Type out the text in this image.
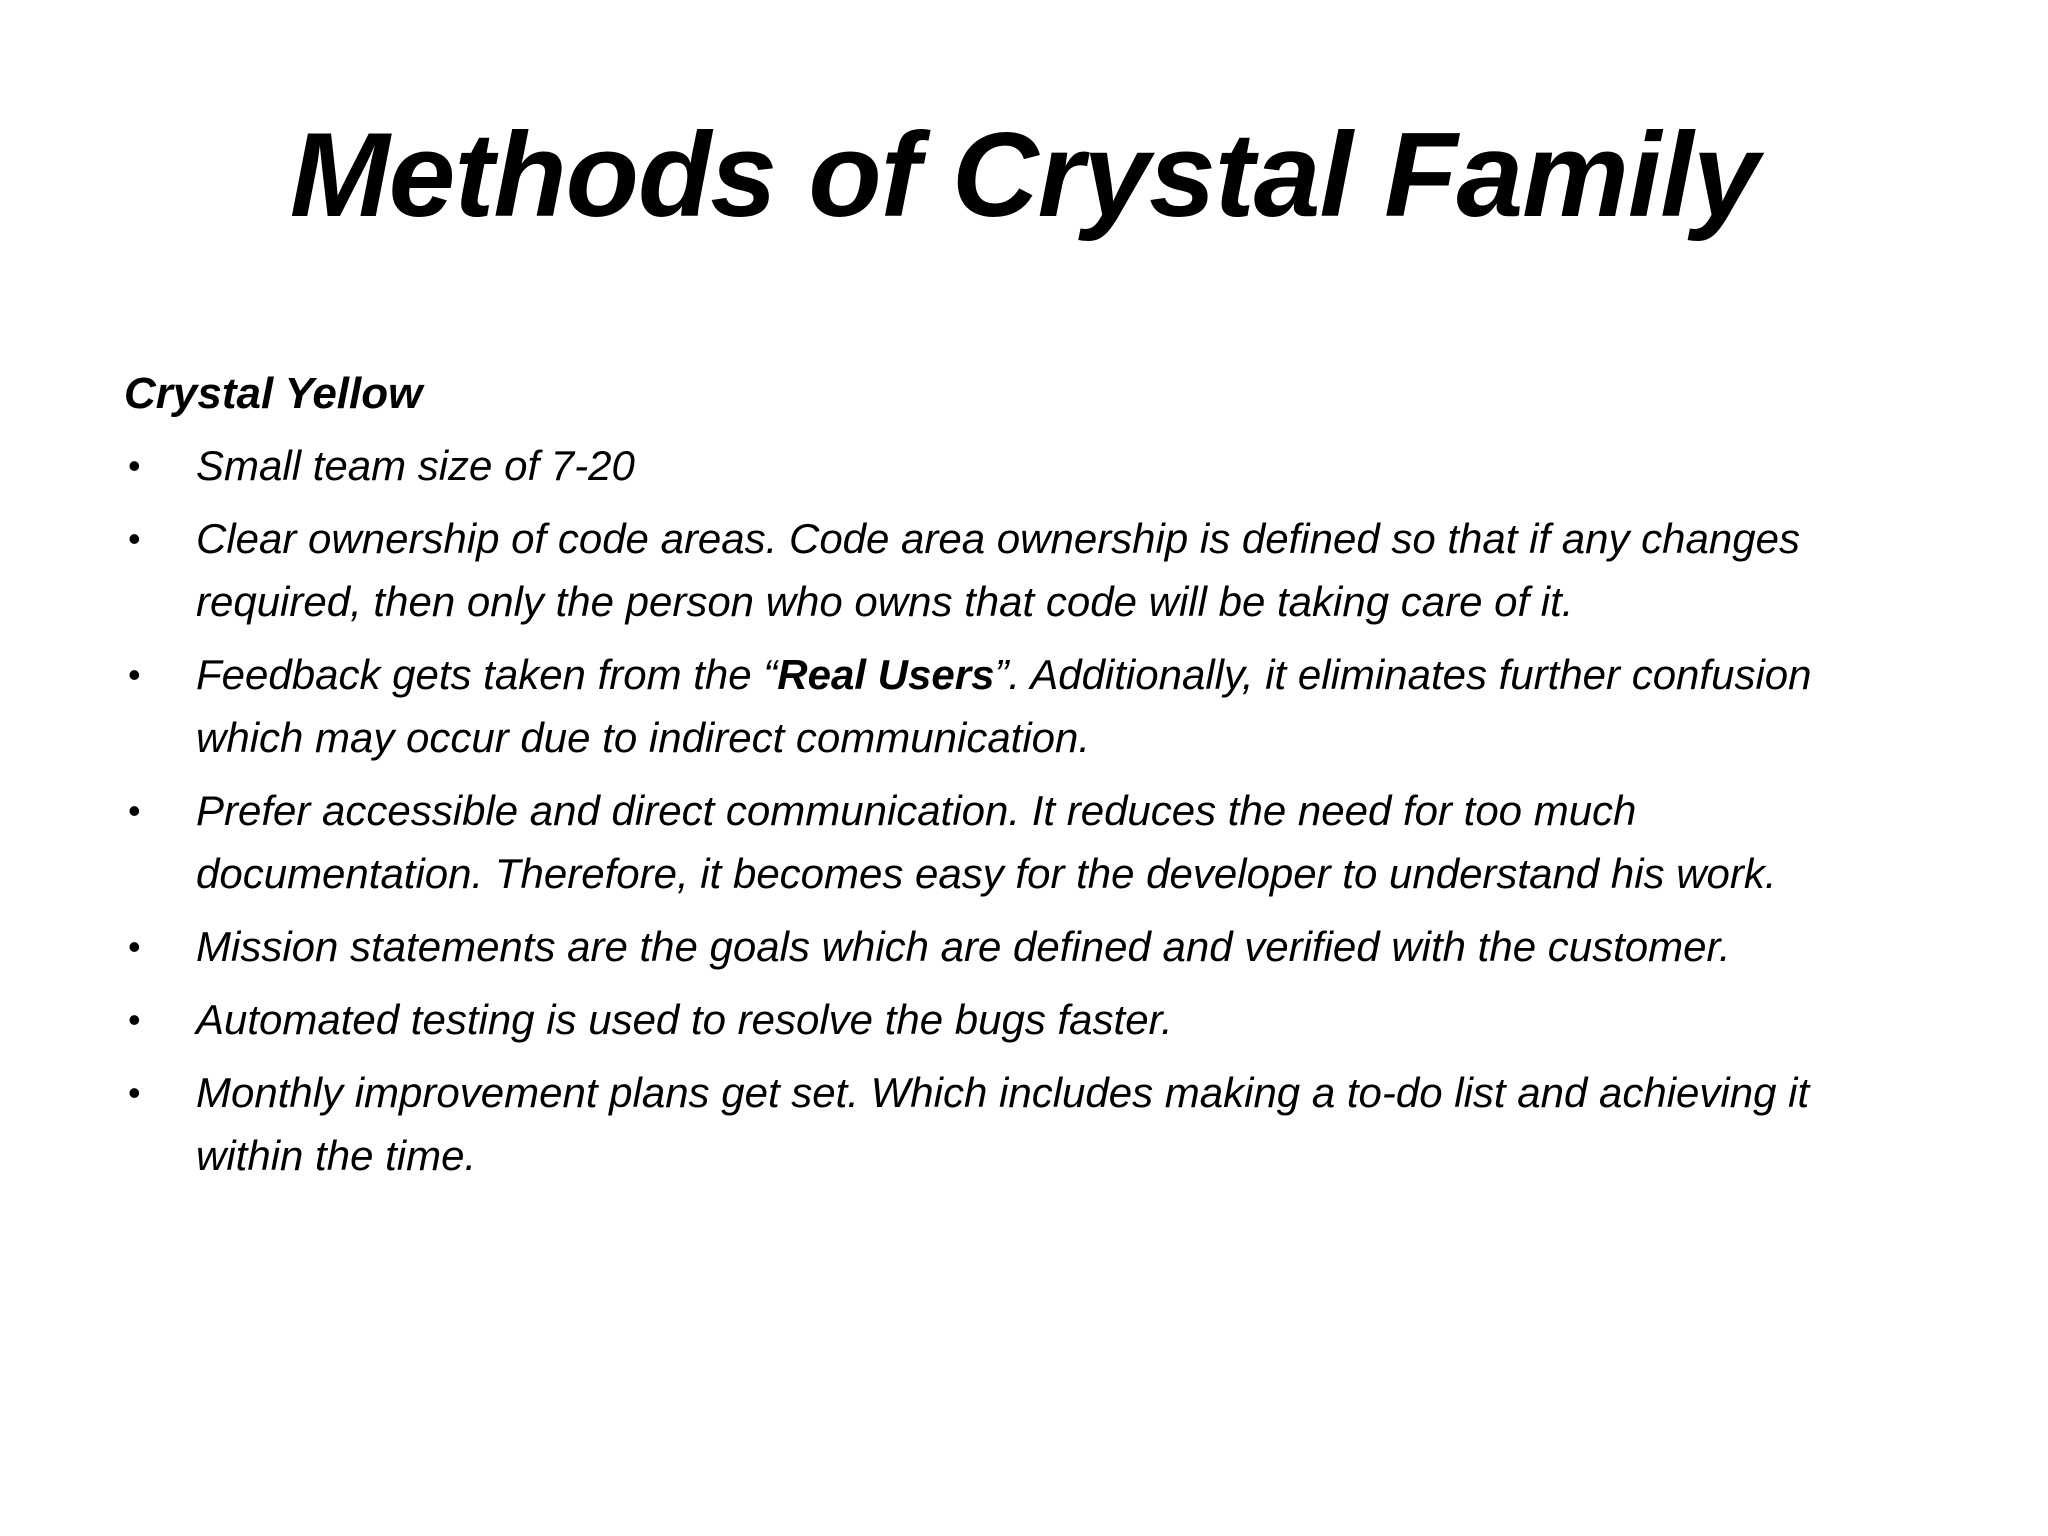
Methods of Crystal Family
Crystal Yellow
• Small team size of 7-20
• Clear ownership of code areas. Code area ownership is defined so that if any changes required, then only the person who owns that code will be taking care of it.
• Feedback gets taken from the “Real Users”. Additionally, it eliminates further confusion which may occur due to indirect communication.
• Prefer accessible and direct communication. It reduces the need for too much documentation. Therefore, it becomes easy for the developer to understand his work.
• Mission statements are the goals which are defined and verified with the customer.
• Automated testing is used to resolve the bugs faster.
• Monthly improvement plans get set. Which includes making a to-do list and achieving it within the time.
